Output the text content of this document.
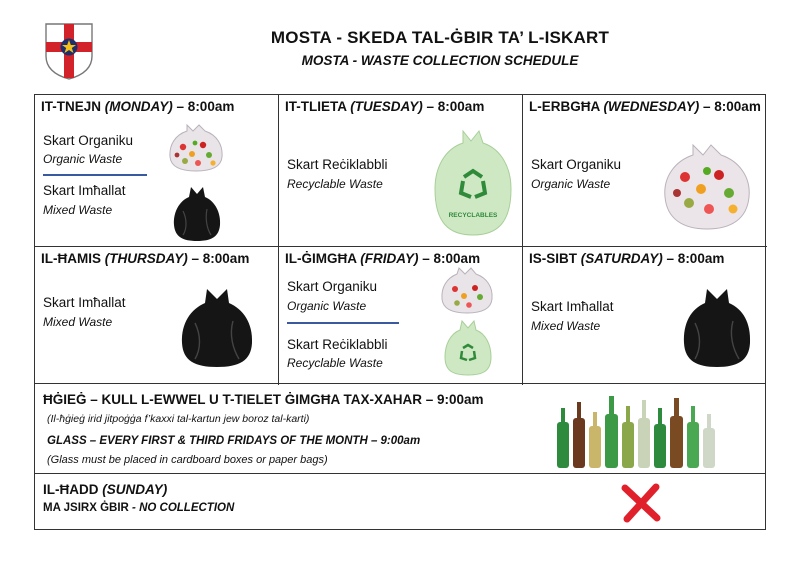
MOSTA - SKEDA TAL-ĠBIR TA’ L-ISKART
MOSTA - WASTE COLLECTION SCHEDULE
IT-TNEJN (MONDAY) – 8:00am
Skart Organiku
Organic Waste
Skart Imħallat
Mixed Waste
IT-TLIETA (TUESDAY) – 8:00am
Skart Reċiklabbli
Recyclable Waste
RECYCLABLES
L-ERBGĦA (WEDNESDAY) – 8:00am
Skart Organiku
Organic Waste
IL-ĦAMIS (THURSDAY) – 8:00am
Skart Imħallat
Mixed Waste
IL-ĠIMGĦA (FRIDAY) – 8:00am
Skart Organiku
Organic Waste
Skart Reċiklabbli
Recyclable Waste
IS-SIBT (SATURDAY) – 8:00am
Skart Imħallat
Mixed Waste
ĦĠIEĠ – KULL L-EWWEL U T-TIELET ĠIMGĦA TAX-XAHAR – 9:00am
(Il-ħġieġ irid jitpoġġa f’kaxxi tal-kartun jew boroz tal-karti)
GLASS – EVERY FIRST & THIRD FRIDAYS OF THE MONTH – 9:00am
(Glass must be placed in cardboard boxes or paper bags)
IL-ĦADD (SUNDAY)
MA JSIRX ĠBIR - NO COLLECTION
